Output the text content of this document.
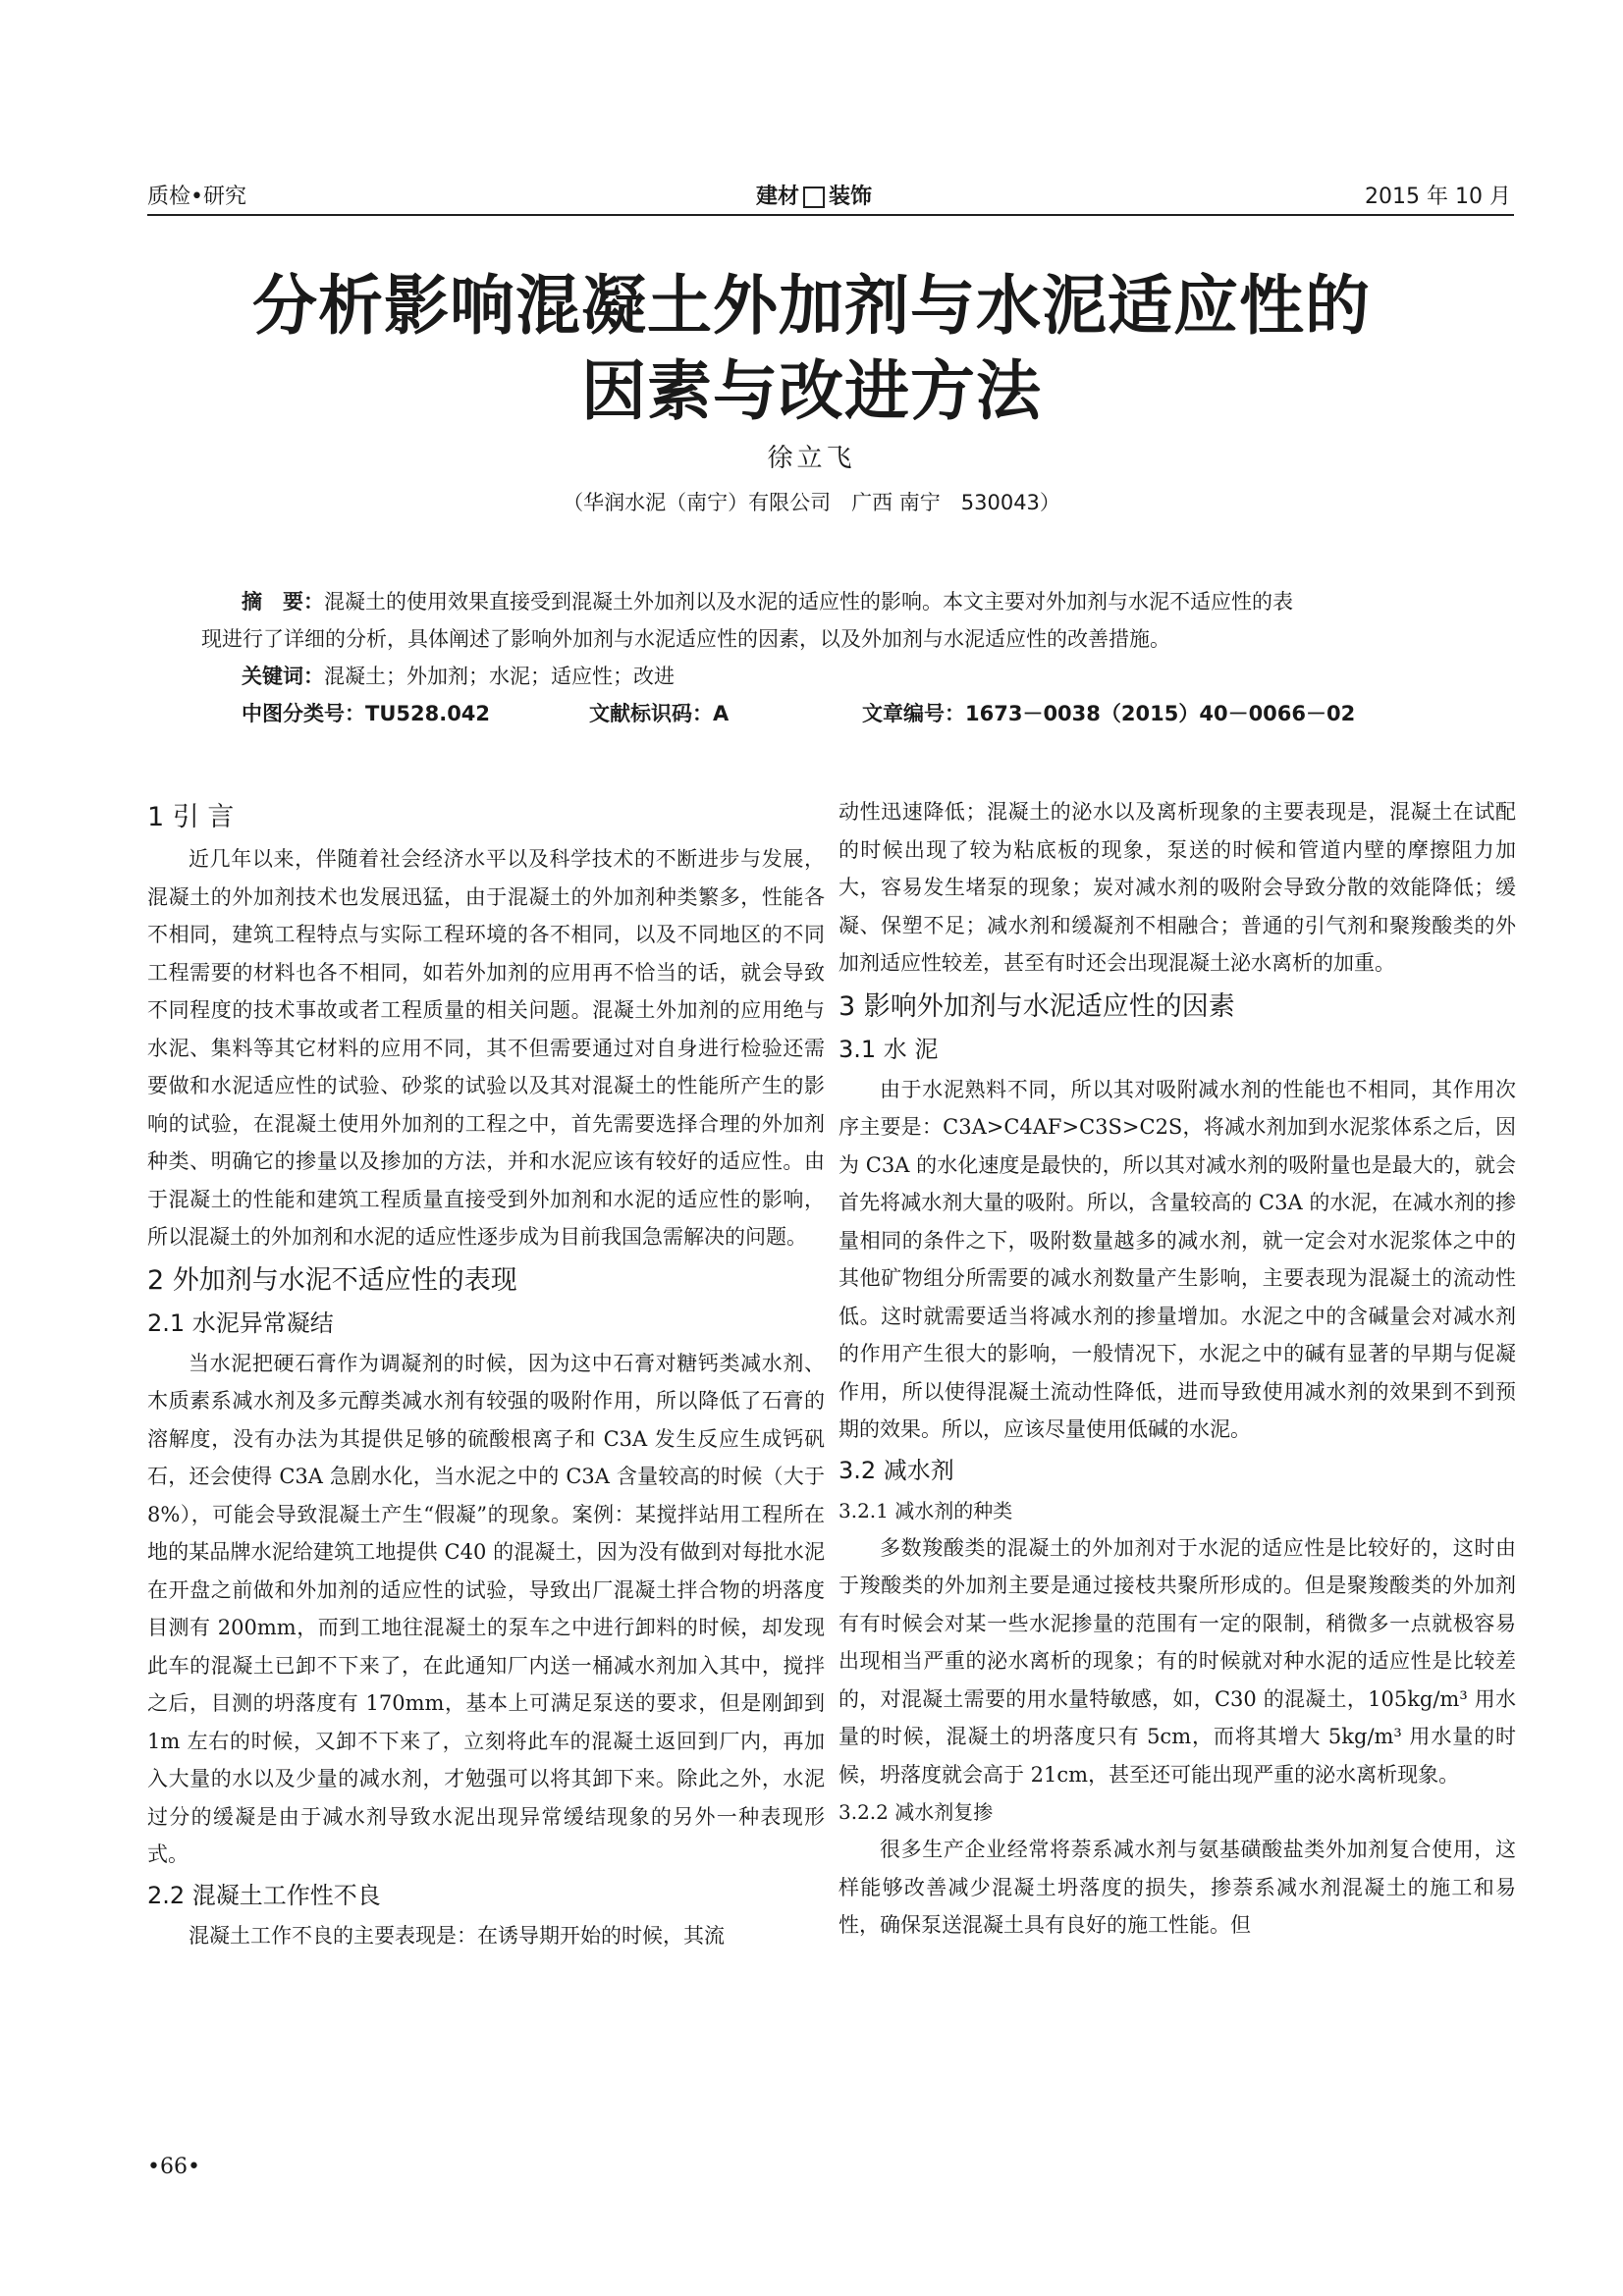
质检•研究	建材 装饰	2015 年 10 月
分析影响混凝土外加剂与水泥适应性的
因素与改进方法
徐立飞
（华润水泥（南宁）有限公司　广西 南宁　530043）
摘　要：混凝土的使用效果直接受到混凝土外加剂以及水泥的适应性的影响。本文主要对外加剂与水泥不适应性的表
现进行了详细的分析，具体阐述了影响外加剂与水泥适应性的因素，以及外加剂与水泥适应性的改善措施。
关键词：混凝土；外加剂；水泥；适应性；改进
中图分类号：TU528.042	文献标识码：A	文章编号：1673－0038（2015）40－0066－02
1 引 言

近几年以来，伴随着社会经济水平以及科学技术的不断进步与发展，混凝土的外加剂技术也发展迅猛，由于混凝土的外加剂种类繁多，性能各不相同，建筑工程特点与实际工程环境的各不相同，以及不同地区的不同工程需要的材料也各不相同，如若外加剂的应用再不恰当的话，就会导致不同程度的技术事故或者工程质量的相关问题。混凝土外加剂的应用绝与水泥、集料等其它材料的应用不同，其不但需要通过对自身进行检验还需要做和水泥适应性的试验、砂浆的试验以及其对混凝土的性能所产生的影响的试验，在混凝土使用外加剂的工程之中，首先需要选择合理的外加剂种类、明确它的掺量以及掺加的方法，并和水泥应该有较好的适应性。由于混凝土的性能和建筑工程质量直接受到外加剂和水泥的适应性的影响，所以混凝土的外加剂和水泥的适应性逐步成为目前我国急需解决的问题。

2 外加剂与水泥不适应性的表现
2.1 水泥异常凝结

当水泥把硬石膏作为调凝剂的时候，因为这中石膏对糖钙类减水剂、木质素系减水剂及多元醇类减水剂有较强的吸附作用，所以降低了石膏的溶解度，没有办法为其提供足够的硫酸根离子和 C3A 发生反应生成钙矾石，还会使得 C3A 急剧水化，当水泥之中的 C3A 含量较高的时候（大于 8%），可能会导致混凝土产生“假凝”的现象。案例：某搅拌站用工程所在地的某品牌水泥给建筑工地提供 C40 的混凝土，因为没有做到对每批水泥在开盘之前做和外加剂的适应性的试验，导致出厂混凝土拌合物的坍落度目测有 200mm，而到工地往混凝土的泵车之中进行卸料的时候，却发现此车的混凝土已卸不下来了，在此通知厂内送一桶减水剂加入其中，搅拌之后，目测的坍落度有 170mm，基本上可满足泵送的要求，但是刚卸到 1m 左右的时候，又卸不下来了，立刻将此车的混凝土返回到厂内，再加入大量的水以及少量的减水剂，才勉强可以将其卸下来。除此之外，水泥过分的缓凝是由于减水剂导致水泥出现异常缓结现象的另外一种表现形式。

2.2 混凝土工作性不良

混凝土工作不良的主要表现是：在诱导期开始的时候，其流

动性迅速降低；混凝土的泌水以及离析现象的主要表现是，混凝土在试配的时候出现了较为粘底板的现象，泵送的时候和管道内壁的摩擦阻力加大，容易发生堵泵的现象；炭对减水剂的吸附会导致分散的效能降低；缓凝、保塑不足；减水剂和缓凝剂不相融合；普通的引气剂和聚羧酸类的外加剂适应性较差，甚至有时还会出现混凝土泌水离析的加重。

3 影响外加剂与水泥适应性的因素
3.1 水 泥

由于水泥熟料不同，所以其对吸附减水剂的性能也不相同，其作用次序主要是：C3A>C4AF>C3S>C2S，将减水剂加到水泥浆体系之后，因为 C3A 的水化速度是最快的，所以其对减水剂的吸附量也是最大的，就会首先将减水剂大量的吸附。所以，含量较高的 C3A 的水泥，在减水剂的掺量相同的条件之下，吸附数量越多的减水剂，就一定会对水泥浆体之中的其他矿物组分所需要的减水剂数量产生影响，主要表现为混凝土的流动性低。这时就需要适当将减水剂的掺量增加。水泥之中的含碱量会对减水剂的作用产生很大的影响，一般情况下，水泥之中的碱有显著的早期与促凝作用，所以使得混凝土流动性降低，进而导致使用减水剂的效果到不到预期的效果。所以，应该尽量使用低碱的水泥。

3.2 减水剂
3.2.1 减水剂的种类

多数羧酸类的混凝土的外加剂对于水泥的适应性是比较好的，这时由于羧酸类的外加剂主要是通过接枝共聚所形成的。但是聚羧酸类的外加剂有有时候会对某一些水泥掺量的范围有一定的限制，稍微多一点就极容易出现相当严重的泌水离析的现象；有的时候就对种水泥的适应性是比较差的，对混凝土需要的用水量特敏感，如，C30 的混凝土，105kg/m³ 用水量的时候，混凝土的坍落度只有 5cm，而将其增大 5kg/m³ 用水量的时候，坍落度就会高于 21cm，甚至还可能出现严重的泌水离析现象。

3.2.2 减水剂复掺

很多生产企业经常将萘系减水剂与氨基磺酸盐类外加剂复合使用，这样能够改善减少混凝土坍落度的损失，掺萘系减水剂混凝土的施工和易性，确保泵送混凝土具有良好的施工性能。但

•66•
